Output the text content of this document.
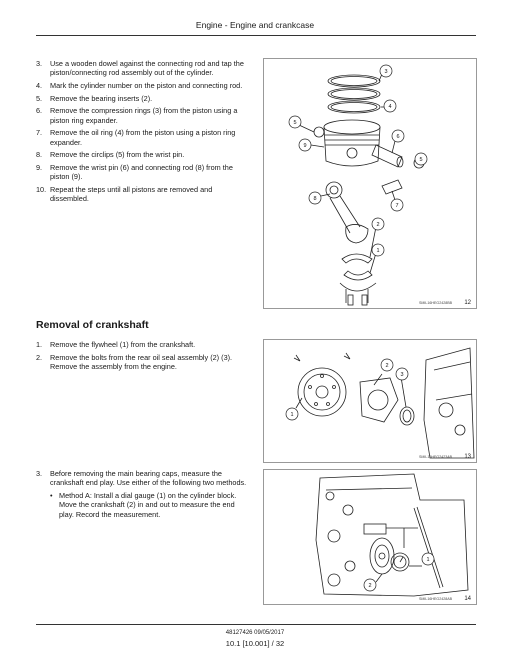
Engine - Engine and crankcase
3. Use a wooden dowel against the connecting rod and tap the piston/connecting rod assembly out of the cylinder.
4. Mark the cylinder number on the piston and connecting rod.
5. Remove the bearing inserts (2).
6. Remove the compression rings (3) from the piston using a piston ring expander.
7. Remove the oil ring (4) from the piston using a piston ring expander.
8. Remove the circlips (5) from the wrist pin.
9. Remove the wrist pin (6) and connecting rod (8) from the piston (9).
10. Repeat the steps until all pistons are removed and dissembled.
3
4
5
9
6
5
8
7
2
1
SMIL16HEG2428BB 12
Removal of crankshaft
1. Remove the flywheel (1) from the crankshaft.
2. Remove the bolts from the rear oil seal assembly (2) (3). Remove the assembly from the engine.	2
3
1
SMIL16HEG2423AB 13
3. Before removing the main bearing caps, measure the crankshaft end play. Use either of the following two methods.
• Method A: Install a dial gauge (1) on the cylinder block. Move the crankshaft (2) in and out to measure the end play. Record the measurement.
1
2
SMIL16HEG2428AB 14
48127426 09/05/2017
10.1 [10.001] / 32
